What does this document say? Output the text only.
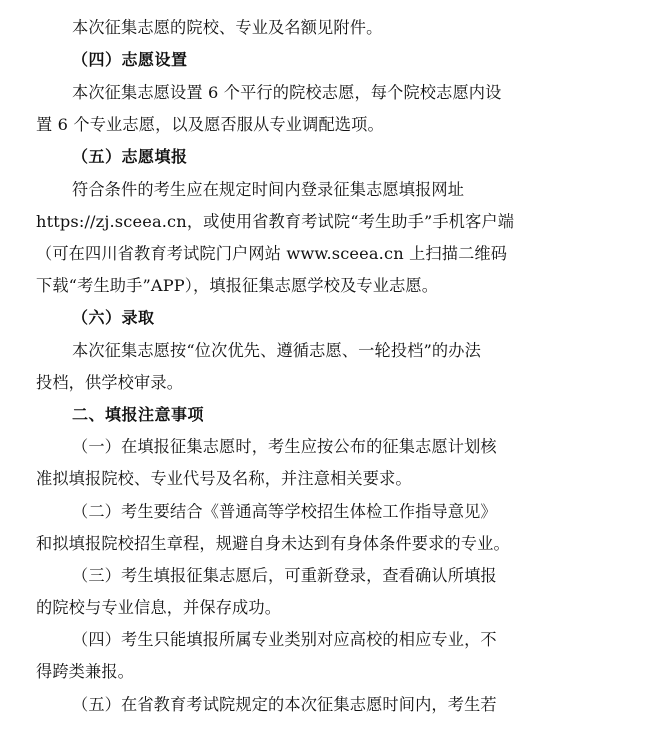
本次征集志愿的院校、专业及名额见附件。
（四）志愿设置
本次征集志愿设置 6 个平行的院校志愿，每个院校志愿内设
置 6 个专业志愿，以及愿否服从专业调配选项。
（五）志愿填报
符合条件的考生应在规定时间内登录征集志愿填报网址
https://zj.sceea.cn，或使用省教育考试院“考生助手”手机客户端
（可在四川省教育考试院门户网站 www.sceea.cn 上扫描二维码
下载“考生助手”APP），填报征集志愿学校及专业志愿。
（六）录取
本次征集志愿按“位次优先、遵循志愿、一轮投档”的办法
投档，供学校审录。
二、填报注意事项
（一）在填报征集志愿时，考生应按公布的征集志愿计划核
准拟填报院校、专业代号及名称，并注意相关要求。
（二）考生要结合《普通高等学校招生体检工作指导意见》
和拟填报院校招生章程，规避自身未达到有身体条件要求的专业。
（三）考生填报征集志愿后，可重新登录，查看确认所填报
的院校与专业信息，并保存成功。
（四）考生只能填报所属专业类别对应高校的相应专业，不
得跨类兼报。
（五）在省教育考试院规定的本次征集志愿时间内，考生若
